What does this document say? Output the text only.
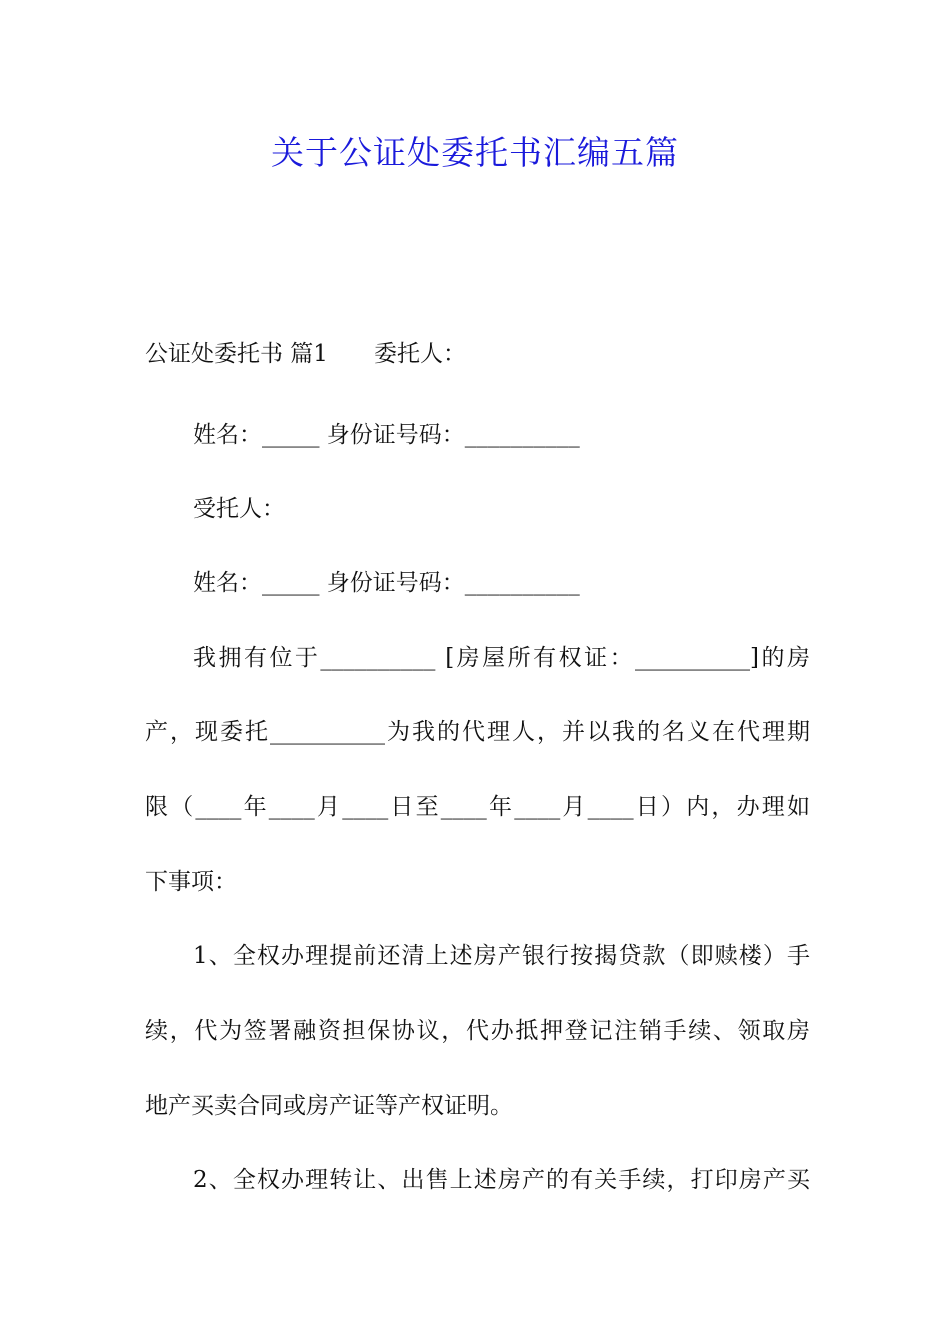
关于公证处委托书汇编五篇

公证处委托书 篇1 委托人：

姓名：_____ 身份证号码：__________

受托人：

姓名：_____ 身份证号码：__________

我拥有位于__________ [房屋所有权证：__________]的房

产，现委托__________为我的代理人，并以我的名义在代理期

限（____年____月____日至____年____月____日）内，办理如

下事项：

1、全权办理提前还清上述房产银行按揭贷款（即赎楼）手

续，代为签署融资担保协议，代办抵押登记注销手续、领取房

地产买卖合同或房产证等产权证明。

2、全权办理转让、出售上述房产的有关手续，打印房产买
